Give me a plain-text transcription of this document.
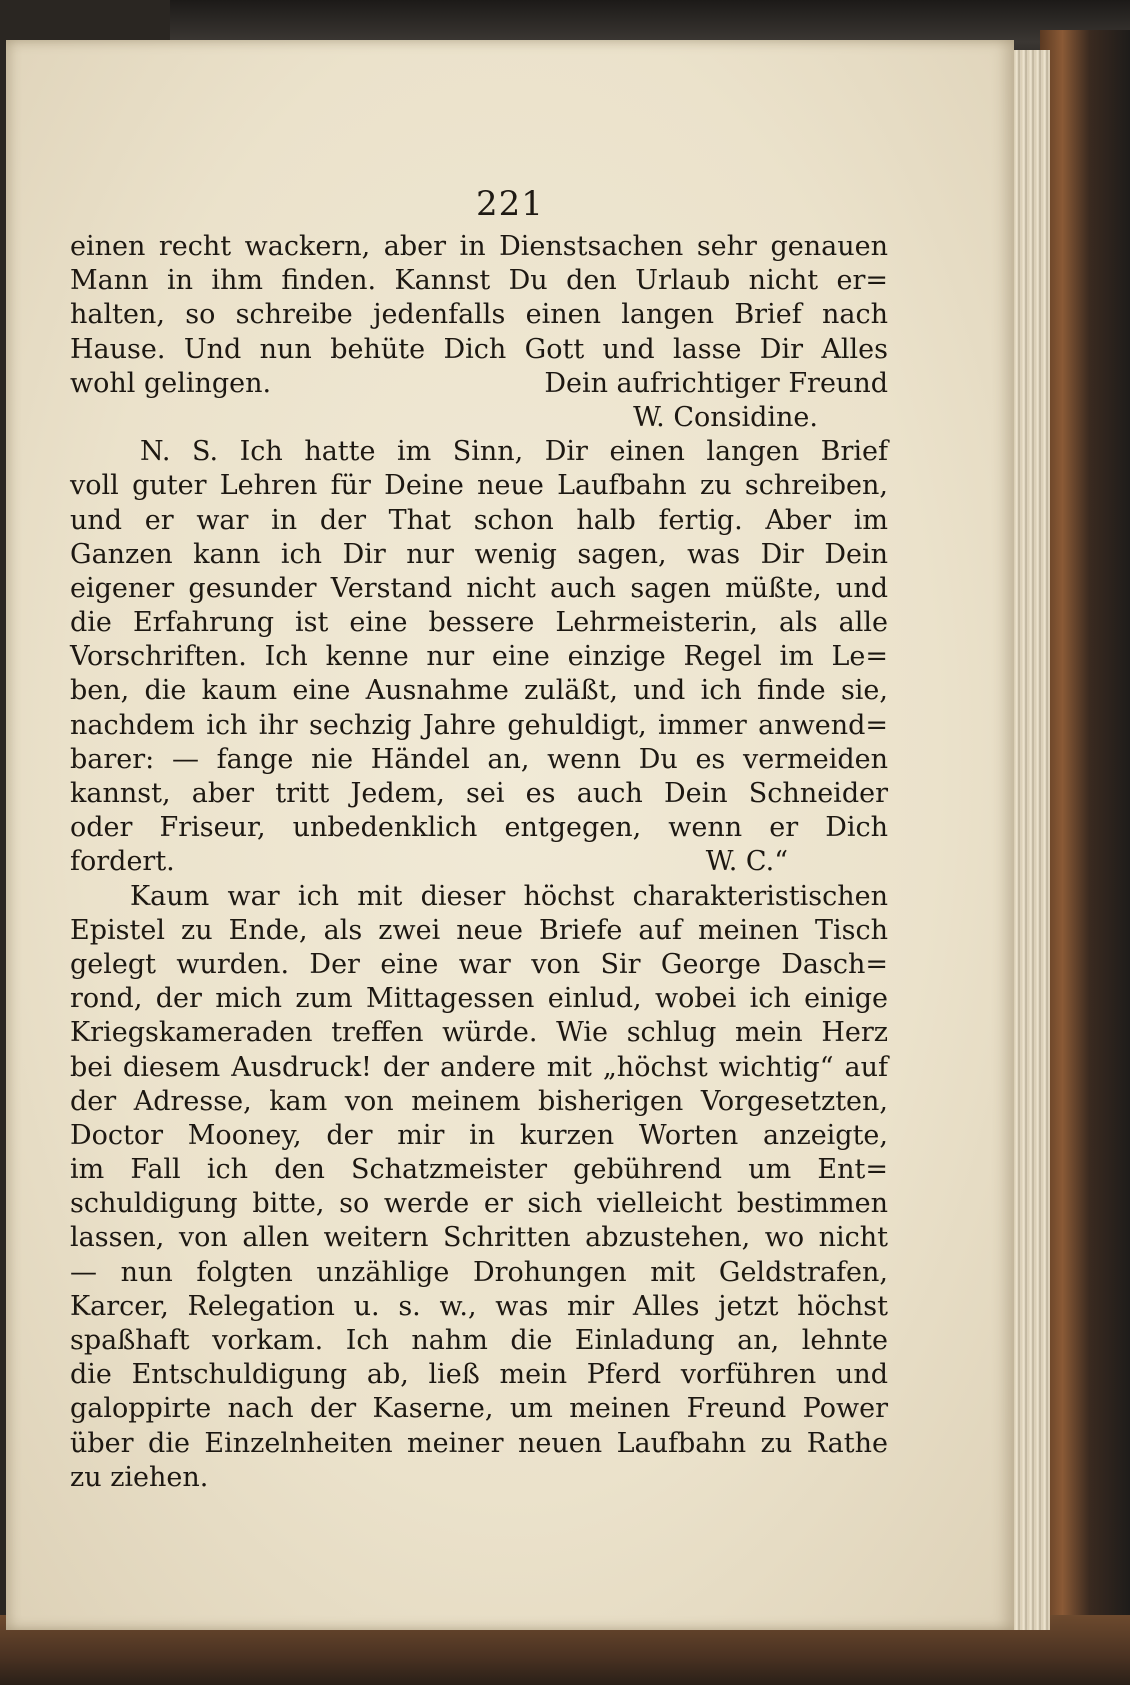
221
einen recht wackern, aber in Dienstsachen sehr genauen
Mann in ihm finden. Kannst Du den Urlaub nicht er=
halten, so schreibe jedenfalls einen langen Brief nach
Hause. Und nun behüte Dich Gott und lasse Dir Alles
wohl gelingen.	Dein aufrichtiger Freund
W. Considine.
N. S. Ich hatte im Sinn, Dir einen langen Brief
voll guter Lehren für Deine neue Laufbahn zu schreiben,
und er war in der That schon halb fertig. Aber im
Ganzen kann ich Dir nur wenig sagen, was Dir Dein
eigener gesunder Verstand nicht auch sagen müßte, und
die Erfahrung ist eine bessere Lehrmeisterin, als alle
Vorschriften. Ich kenne nur eine einzige Regel im Le=
ben, die kaum eine Ausnahme zuläßt, und ich finde sie,
nachdem ich ihr sechzig Jahre gehuldigt, immer anwend=
barer: — fange nie Händel an, wenn Du es vermeiden
kannst, aber tritt Jedem, sei es auch Dein Schneider
oder Friseur, unbedenklich entgegen, wenn er Dich
fordert.	W. C.“
Kaum war ich mit dieser höchst charakteristischen
Epistel zu Ende, als zwei neue Briefe auf meinen Tisch
gelegt wurden. Der eine war von Sir George Dasch=
rond, der mich zum Mittagessen einlud, wobei ich einige
Kriegskameraden treffen würde. Wie schlug mein Herz
bei diesem Ausdruck! der andere mit „höchst wichtig“ auf
der Adresse, kam von meinem bisherigen Vorgesetzten,
Doctor Mooney, der mir in kurzen Worten anzeigte,
im Fall ich den Schatzmeister gebührend um Ent=
schuldigung bitte, so werde er sich vielleicht bestimmen
lassen, von allen weitern Schritten abzustehen, wo nicht
— nun folgten unzählige Drohungen mit Geldstrafen,
Karcer, Relegation u. s. w., was mir Alles jetzt höchst
spaßhaft vorkam. Ich nahm die Einladung an, lehnte
die Entschuldigung ab, ließ mein Pferd vorführen und
galoppirte nach der Kaserne, um meinen Freund Power
über die Einzelnheiten meiner neuen Laufbahn zu Rathe
zu ziehen.
